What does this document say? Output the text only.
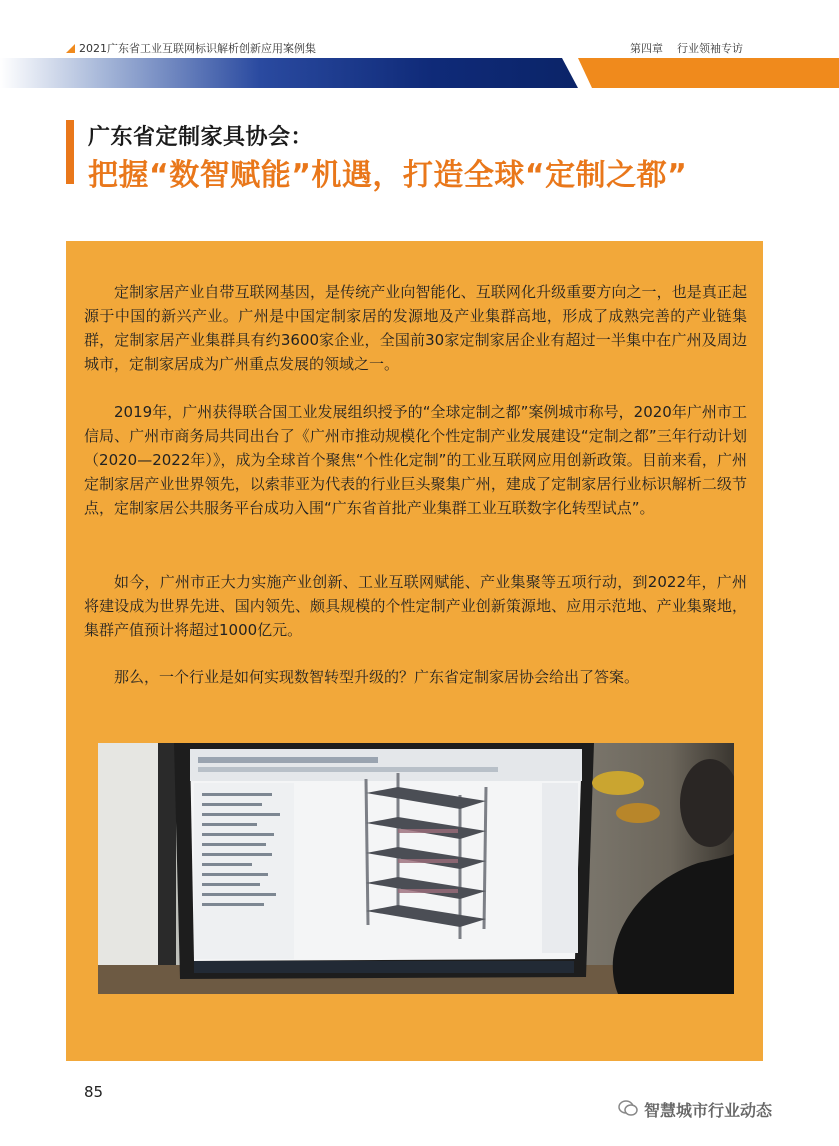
2021广东省工业互联网标识解析创新应用案例集	第四章 行业领袖专访
广东省定制家具协会：
把握“数智赋能”机遇，打造全球“定制之都”
定制家居产业自带互联网基因，是传统产业向智能化、互联网化升级重要方向之一，也是真正起源于中国的新兴产业。广州是中国定制家居的发源地及产业集群高地，形成了成熟完善的产业链集群，定制家居产业集群具有约3600家企业，全国前30家定制家居企业有超过一半集中在广州及周边城市，定制家居成为广州重点发展的领域之一。
2019年，广州获得联合国工业发展组织授予的“全球定制之都”案例城市称号，2020年广州市工信局、广州市商务局共同出台了《广州市推动规模化个性定制产业发展建设“定制之都”三年行动计划（2020—2022年）》，成为全球首个聚焦“个性化定制”的工业互联网应用创新政策。目前来看，广州定制家居产业世界领先，以索菲亚为代表的行业巨头聚集广州，建成了定制家居行业标识解析二级节点，定制家居公共服务平台成功入围“广东省首批产业集群工业互联数字化转型试点”。
如今，广州市正大力实施产业创新、工业互联网赋能、产业集聚等五项行动，到2022年，广州将建设成为世界先进、国内领先、颇具规模的个性定制产业创新策源地、应用示范地、产业集聚地，集群产值预计将超过1000亿元。
那么，一个行业是如何实现数智转型升级的？广东省定制家居协会给出了答案。
85
智慧城市行业动态
